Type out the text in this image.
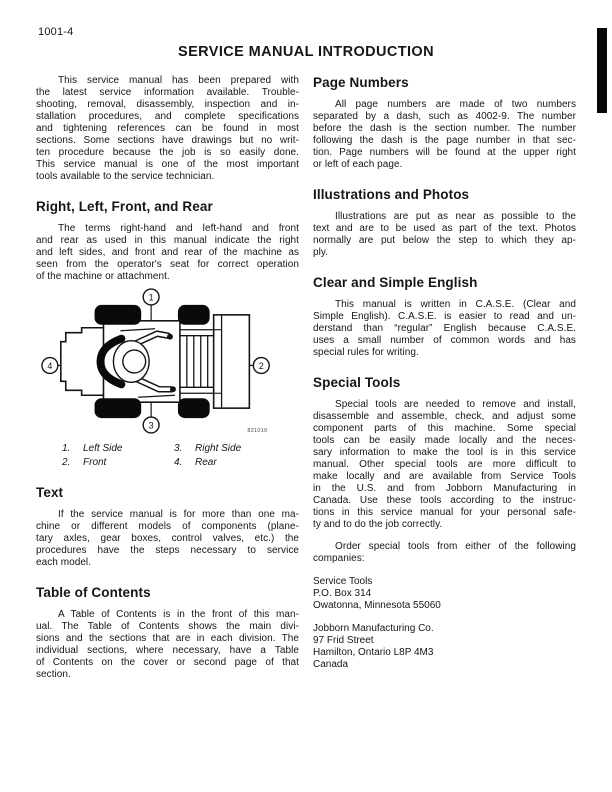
1001-4
SERVICE MANUAL INTRODUCTION
This service manual has been prepared with
the latest service information available. Trouble-
shooting, removal, disassembly, inspection and in-
stallation procedures, and complete specifications
and tightening references can be found in most
sections. Some sections have drawings but no writ-
ten procedure because the job is so easily done.
This service manual is one of the most important
tools available to the service technician.
Right, Left, Front, and Rear
The terms right-hand and left-hand and front
and rear as used in this manual indicate the right
and left sides, and front and rear of the machine as
seen from the operator's seat for correct operation
of the machine or attachment.
1
2
3
4
821019
1.	Left Side
2.	Front
3.	Right Side
4.	Rear
Text
If the service manual is for more than one ma-
chine or different models of components (plane-
tary axles, gear boxes, control valves, etc.) the
procedures have the steps necessary to service
each model.
Table of Contents
A Table of Contents is in the front of this man-
ual. The Table of Contents shows the main divi-
sions and the sections that are in each division. The
individual sections, where necessary, have a Table
of Contents on the cover or second page of that
section.
Page Numbers
All page numbers are made of two numbers
separated by a dash, such as 4002-9. The number
before the dash is the section number. The number
following the dash is the page number in that sec-
tion. Page numbers will be found at the upper right
or left of each page.
Illustrations and Photos
Illustrations are put as near as possible to the
text and are to be used as part of the text. Photos
normally are put below the step to which they ap-
ply.
Clear and Simple English
This manual is written in C.A.S.E. (Clear and
Simple English). C.A.S.E. is easier to read and un-
derstand than “regular” English because C.A.S.E.
uses a small number of common words and has
special rules for writing.
Special Tools
Special tools are needed to remove and install,
disassemble and assemble, check, and adjust some
component parts of this machine. Some special
tools can be easily made locally and the neces-
sary information to make the tool is in this service
manual. Other special tools are more difficult to
make locally and are available from Service Tools
in the U.S. and from Jobborn Manufacturing in
Canada. Use these tools according to the instruc-
tions in this service manual for your personal safe-
ty and to do the job correctly.
Order special tools from either of the following
companies:
Service Tools
P.O. Box 314
Owatonna, Minnesota 55060
Jobborn Manufacturing Co.
97 Frid Street
Hamilton, Ontario L8P 4M3
Canada
